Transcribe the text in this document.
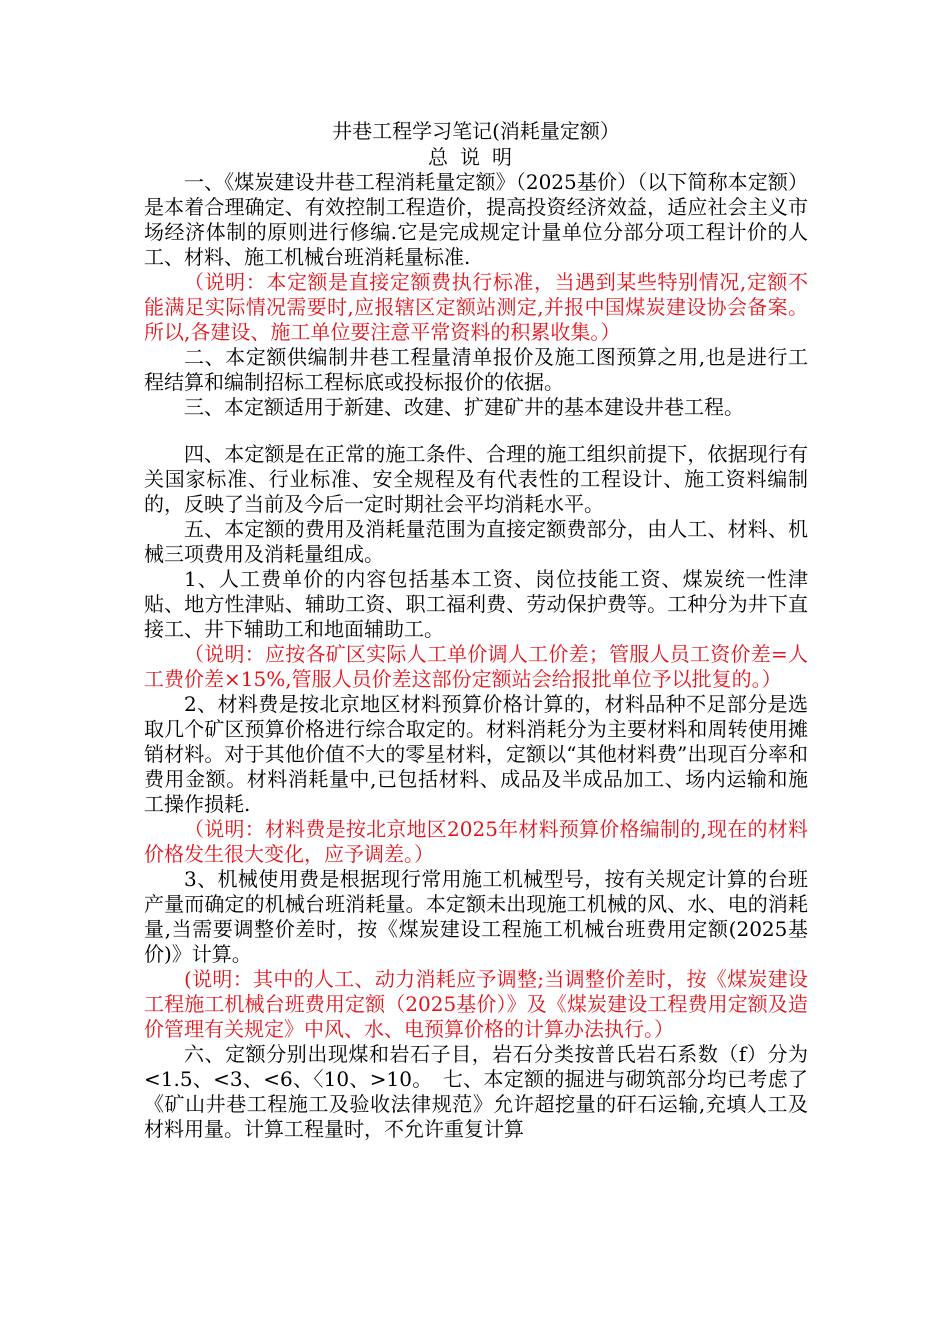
井巷工程学习笔记(消耗量定额）
总说明

一、《煤炭建设井巷工程消耗量定额》（2025基价）（以下简称本定额）是本着合理确定、有效控制工程造价，提高投资经济效益，适应社会主义市场经济体制的原则进行修编.它是完成规定计量单位分部分项工程计价的人工、材料、施工机械台班消耗量标准.

（说明：本定额是直接定额费执行标准，当遇到某些特别情况,定额不能满足实际情况需要时,应报辖区定额站测定,并报中国煤炭建设协会备案。所以,各建设、施工单位要注意平常资料的积累收集。）

二、本定额供编制井巷工程量清单报价及施工图预算之用,也是进行工程结算和编制招标工程标底或投标报价的依据。

三、本定额适用于新建、改建、扩建矿井的基本建设井巷工程。

四、本定额是在正常的施工条件、合理的施工组织前提下，依据现行有关国家标准、行业标准、安全规程及有代表性的工程设计、施工资料编制的，反映了当前及今后一定时期社会平均消耗水平。

五、本定额的费用及消耗量范围为直接定额费部分，由人工、材料、机械三项费用及消耗量组成。

1、人工费单价的内容包括基本工资、岗位技能工资、煤炭统一性津贴、地方性津贴、辅助工资、职工福利费、劳动保护费等。工种分为井下直接工、井下辅助工和地面辅助工。

（说明：应按各矿区实际人工单价调人工价差；管服人员工资价差=人工费价差×15%,管服人员价差这部份定额站会给报批单位予以批复的。）

2、材料费是按北京地区材料预算价格计算的，材料品种不足部分是选取几个矿区预算价格进行综合取定的。材料消耗分为主要材料和周转使用摊销材料。对于其他价值不大的零星材料，定额以“其他材料费”出现百分率和费用金额。材料消耗量中,已包括材料、成品及半成品加工、场内运输和施工操作损耗.

（说明：材料费是按北京地区2025年材料预算价格编制的,现在的材料价格发生很大变化，应予调差。）

3、机械使用费是根据现行常用施工机械型号，按有关规定计算的台班产量而确定的机械台班消耗量。本定额未出现施工机械的风、水、电的消耗量,当需要调整价差时，按《煤炭建设工程施工机械台班费用定额(2025基价)》计算。

(说明：其中的人工、动力消耗应予调整;当调整价差时，按《煤炭建设工程施工机械台班费用定额（2025基价）》及《煤炭建设工程费用定额及造价管理有关规定》中风、水、电预算价格的计算办法执行。）

六、定额分别出现煤和岩石子目，岩石分类按普氏岩石系数（f）分为<1.5、<3、<6、〈10、>10。　七、本定额的掘进与砌筑部分均已考虑了《矿山井巷工程施工及验收法律规范》允许超挖量的矸石运输,充填人工及材料用量。计算工程量时，不允许重复计算
